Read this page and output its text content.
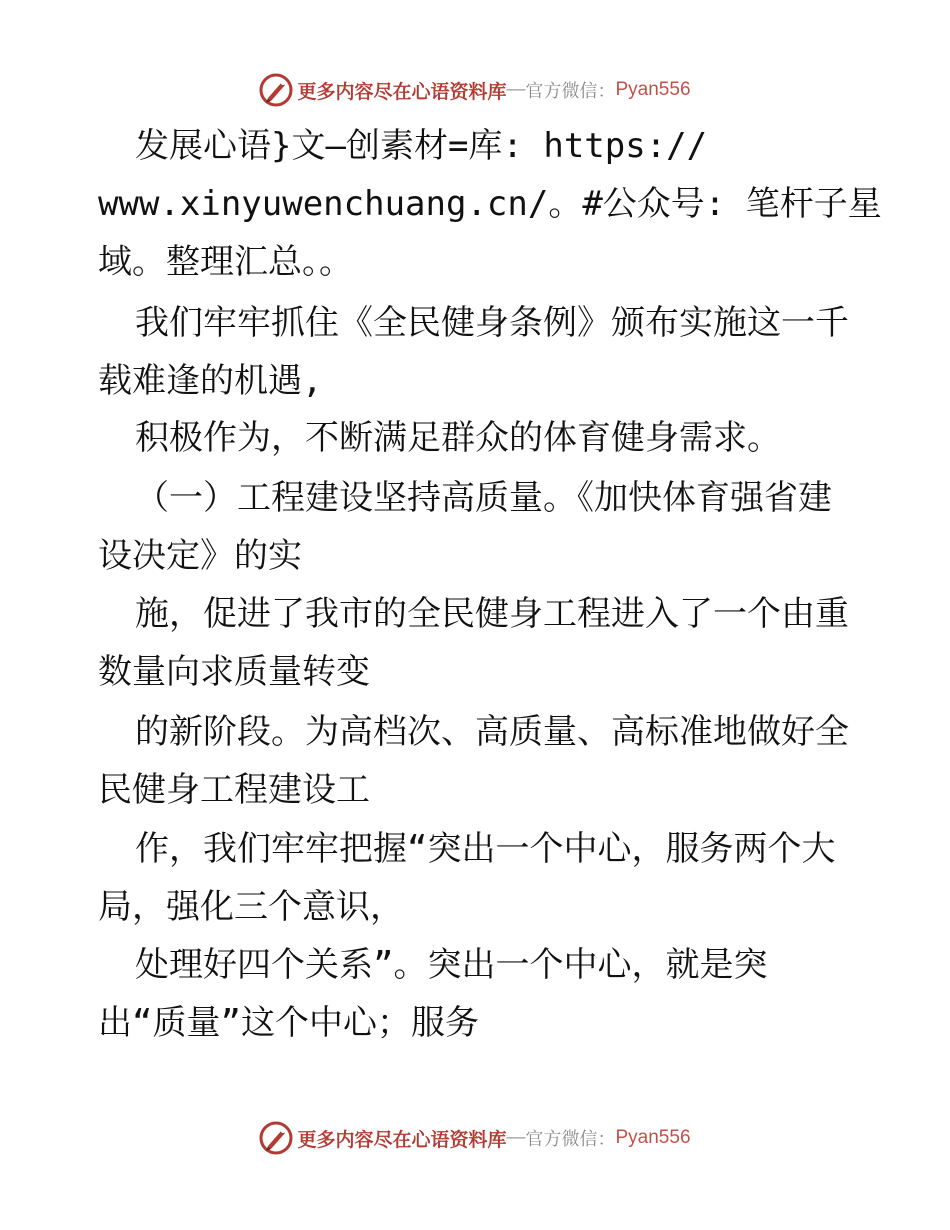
更多内容尽在心语资料库 — 官方微信： Pyan556
发展心语}文—创素材=库: https://
www.xinyuwenchuang.cn/。#公众号: 笔杆子星
域。整理汇总。。
我们牢牢抓住《全民健身条例》颁布实施这一千
载难逢的机遇,
积极作为，不断满足群众的体育健身需求。
（一）工程建设坚持高质量。《加快体育强省建
设决定》的实
施，促进了我市的全民健身工程进入了一个由重
数量向求质量转变
的新阶段。为高档次、高质量、高标准地做好全
民健身工程建设工
作，我们牢牢把握“突出一个中心，服务两个大
局，强化三个意识，
处理好四个关系”。突出一个中心，就是突
出“质量”这个中心；服务
更多内容尽在心语资料库 — 官方微信： Pyan556
